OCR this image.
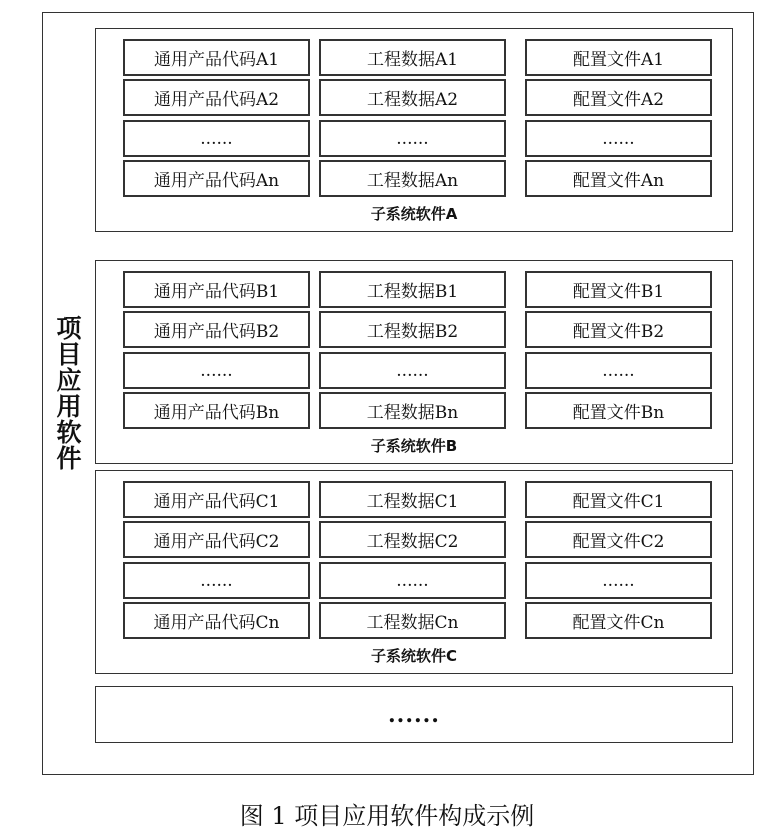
项目应用软件
通用产品代码A1	工程数据A1	配置文件A1
通用产品代码A2	工程数据A2	配置文件A2
......	......	......
通用产品代码An	工程数据An	配置文件An
子系统软件A
通用产品代码B1	工程数据B1	配置文件B1
通用产品代码B2	工程数据B2	配置文件B2
......	......	......
通用产品代码Bn	工程数据Bn	配置文件Bn
子系统软件B
通用产品代码C1	工程数据C1	配置文件C1
通用产品代码C2	工程数据C2	配置文件C2
......	......	......
通用产品代码Cn	工程数据Cn	配置文件Cn
子系统软件C
......
图 1 项目应用软件构成示例
